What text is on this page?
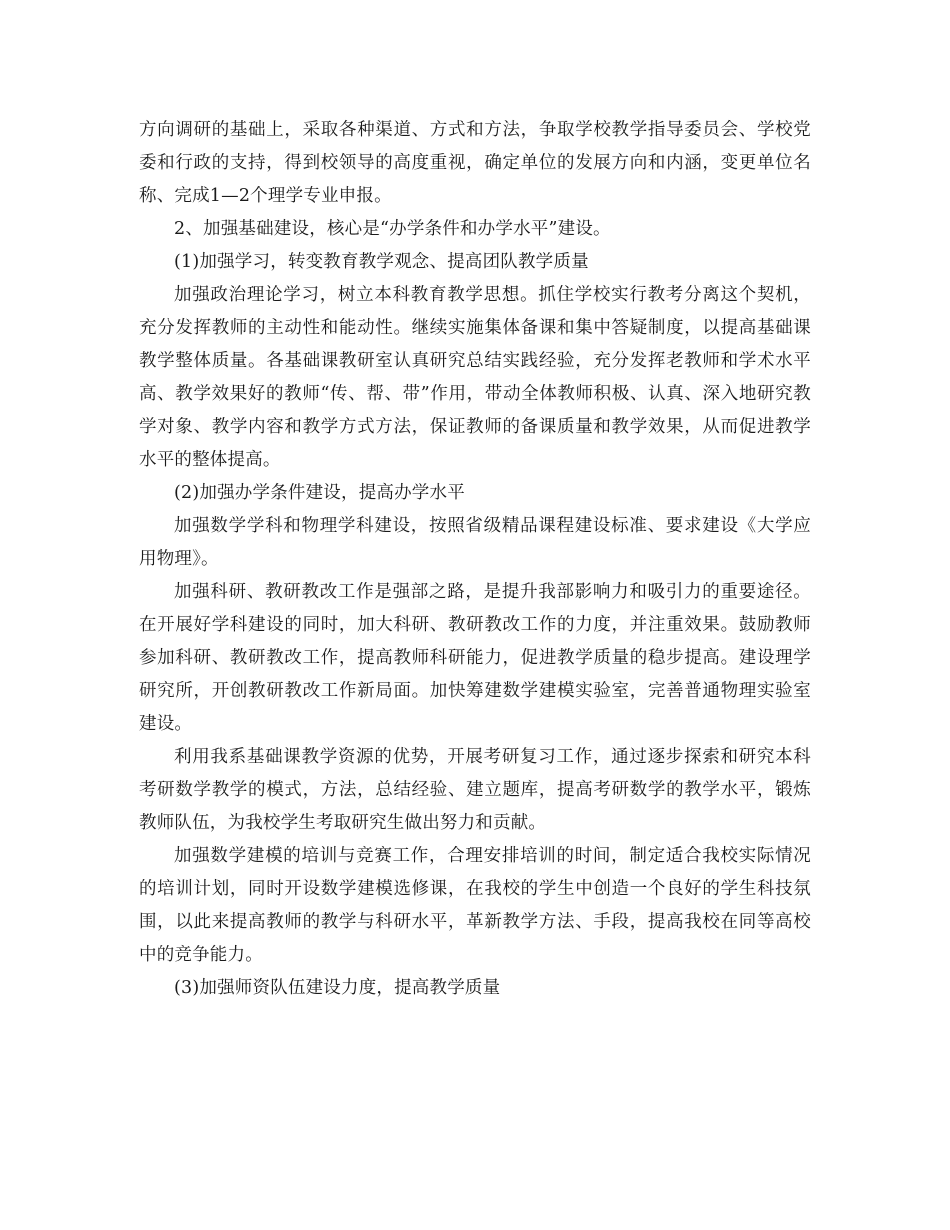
方向调研的基础上，采取各种渠道、方式和方法，争取学校教学指导委员会、学校党委和行政的支持，得到校领导的高度重视，确定单位的发展方向和内涵，变更单位名称、完成1—2个理学专业申报。

2、加强基础建设，核心是“办学条件和办学水平”建设。

(1)加强学习，转变教育教学观念、提高团队教学质量

加强政治理论学习，树立本科教育教学思想。抓住学校实行教考分离这个契机，充分发挥教师的主动性和能动性。继续实施集体备课和集中答疑制度，以提高基础课教学整体质量。各基础课教研室认真研究总结实践经验，充分发挥老教师和学术水平高、教学效果好的教师“传、帮、带”作用，带动全体教师积极、认真、深入地研究教学对象、教学内容和教学方式方法，保证教师的备课质量和教学效果，从而促进教学水平的整体提高。

(2)加强办学条件建设，提高办学水平

加强数学学科和物理学科建设，按照省级精品课程建设标准、要求建设《大学应用物理》。

加强科研、教研教改工作是强部之路，是提升我部影响力和吸引力的重要途径。在开展好学科建设的同时，加大科研、教研教改工作的力度，并注重效果。鼓励教师参加科研、教研教改工作，提高教师科研能力，促进教学质量的稳步提高。建设理学研究所，开创教研教改工作新局面。加快筹建数学建模实验室，完善普通物理实验室建设。

利用我系基础课教学资源的优势，开展考研复习工作，通过逐步探索和研究本科考研数学教学的模式，方法，总结经验、建立题库，提高考研数学的教学水平，锻炼教师队伍，为我校学生考取研究生做出努力和贡献。

加强数学建模的培训与竞赛工作，合理安排培训的时间，制定适合我校实际情况的培训计划，同时开设数学建模选修课，在我校的学生中创造一个良好的学生科技氛围，以此来提高教师的教学与科研水平，革新教学方法、手段，提高我校在同等高校中的竞争能力。

(3)加强师资队伍建设力度，提高教学质量
